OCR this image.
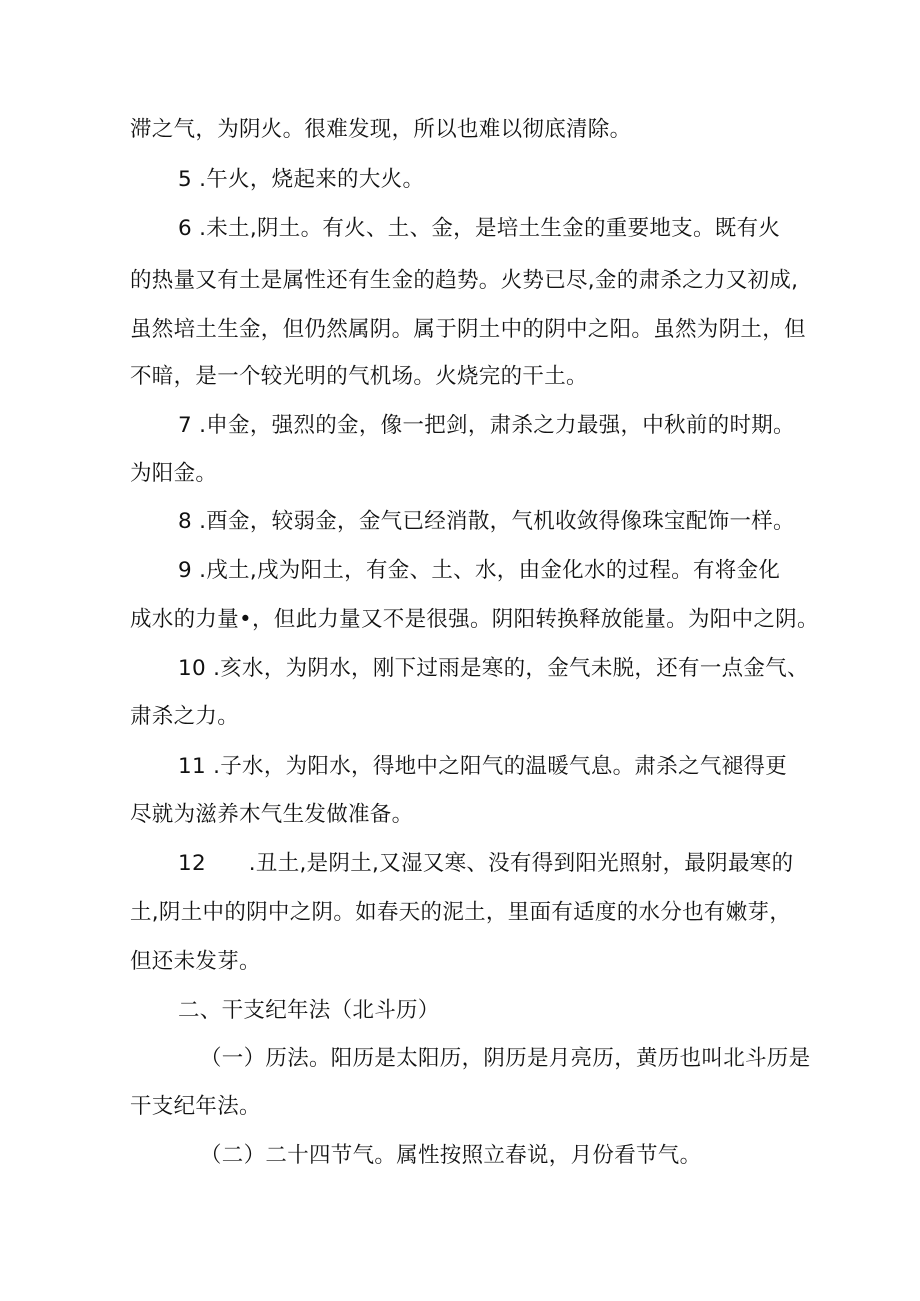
滞之气，为阴火。很难发现，所以也难以彻底清除。
5 .午火，烧起来的大火。
6 .未土,阴土。有火、土、金，是培土生金的重要地支。既有火
的热量又有土是属性还有生金的趋势。火势已尽,金的肃杀之力又初成,
虽然培土生金，但仍然属阴。属于阴土中的阴中之阳。虽然为阴土，但
不暗，是一个较光明的气机场。火烧完的干土。
7 .申金，强烈的金，像一把剑，肃杀之力最强，中秋前的时期。
为阳金。
8 .酉金，较弱金，金气已经消散，气机收敛得像珠宝配饰一样。
9 .戌土,戌为阳土，有金、土、水，由金化水的过程。有将金化
成水的力量•，但此力量又不是很强。阴阳转换释放能量。为阳中之阴。
10 .亥水，为阴水，刚下过雨是寒的，金气未脱，还有一点金气、
肃杀之力。
11 .子水，为阳水，得地中之阳气的温暖气息。肃杀之气褪得更
尽就为滋养木气生发做准备。
12      .丑土,是阴土,又湿又寒、没有得到阳光照射，最阴最寒的
土,阴土中的阴中之阴。如春天的泥土，里面有适度的水分也有嫩芽，
但还未发芽。
二、干支纪年法（北斗历）
（一）历法。阳历是太阳历，阴历是月亮历，黄历也叫北斗历是
干支纪年法。
（二）二十四节气。属性按照立春说，月份看节气。
